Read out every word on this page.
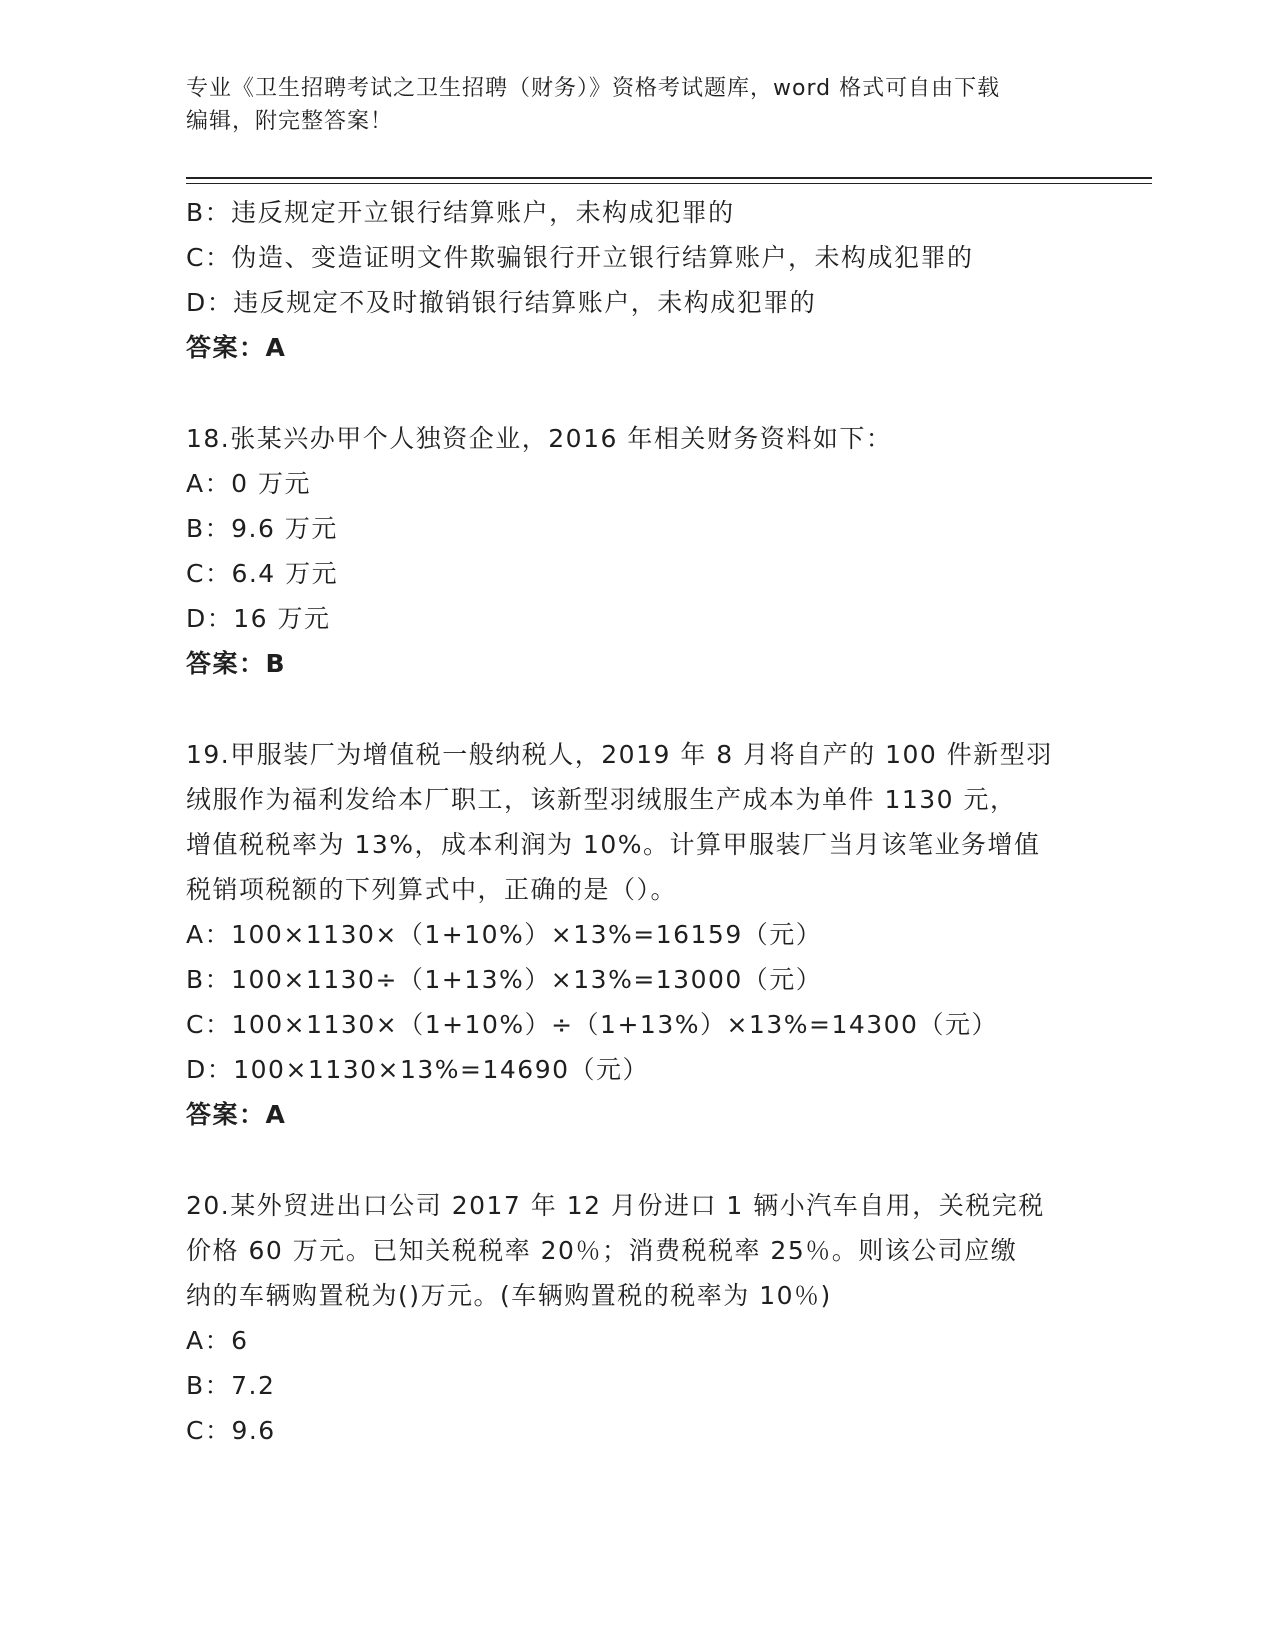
专业《卫生招聘考试之卫生招聘（财务）》资格考试题库，word 格式可自由下载
编辑，附完整答案！
B：违反规定开立银行结算账户，未构成犯罪的
C：伪造、变造证明文件欺骗银行开立银行结算账户，未构成犯罪的
D：违反规定不及时撤销银行结算账户，未构成犯罪的
答案：A
18.张某兴办甲个人独资企业，2016 年相关财务资料如下：
A：0 万元
B：9.6 万元
C：6.4 万元
D：16 万元
答案：B
19.甲服装厂为增值税一般纳税人，2019 年 8 月将自产的 100 件新型羽
绒服作为福利发给本厂职工，该新型羽绒服生产成本为单件 1130 元，
增值税税率为 13%，成本利润为 10%。计算甲服装厂当月该笔业务增值
税销项税额的下列算式中，正确的是（）。
A：100×1130×（1+10%）×13%=16159（元）
B：100×1130÷（1+13%）×13%=13000（元）
C：100×1130×（1+10%）÷（1+13%）×13%=14300（元）
D：100×1130×13%=14690（元）
答案：A
20.某外贸进出口公司 2017 年 12 月份进口 1 辆小汽车自用，关税完税
价格 60 万元。已知关税税率 20％；消费税税率 25％。则该公司应缴
纳的车辆购置税为()万元。(车辆购置税的税率为 10％)
A：6
B：7.2
C：9.6
